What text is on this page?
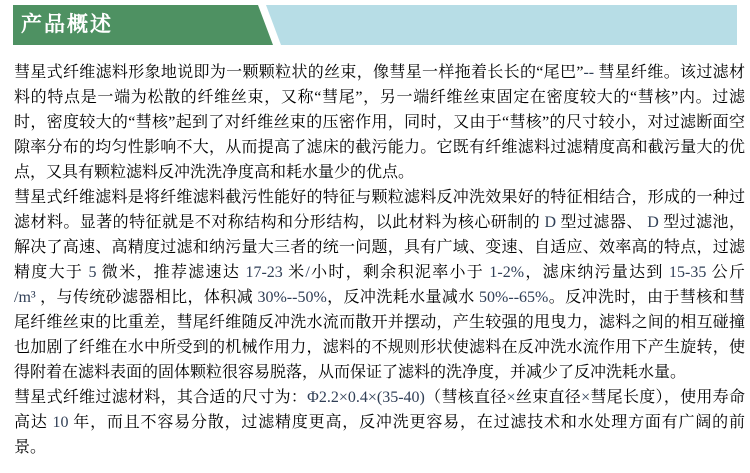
产品概述
彗星式纤维滤料形象地说即为一颗颗粒状的丝束，像彗星一样拖着长长的“尾巴”-- 彗星纤维。该过滤材
料的特点是一端为松散的纤维丝束，又称“彗尾”，另一端纤维丝束固定在密度较大的“彗核”内。过滤
时，密度较大的“彗核”起到了对纤维丝束的压密作用，同时，又由于“彗核”的尺寸较小，对过滤断面空
隙率分布的均匀性影响不大，从而提高了滤床的截污能力。它既有纤维滤料过滤精度高和截污量大的优
点，又具有颗粒滤料反冲洗洗净度高和耗水量少的优点。
彗星式纤维滤料是将纤维滤料截污性能好的特征与颗粒滤料反冲洗效果好的特征相结合，形成的一种过
滤材料。显著的特征就是不对称结构和分形结构，以此材料为核心研制的 D 型过滤器、 D 型过滤池，
解决了高速、高精度过滤和纳污量大三者的统一问题，具有广域、变速、自适应、效率高的特点，过滤
精度大于 5 微米，推荐滤速达 17-23 米/小时，剩余积泥率小于 1-2%，滤床纳污量达到 15-35 公斤
/m³ ，与传统砂滤器相比，体积减 30%--50%，反冲洗耗水量减水 50%--65%。反冲洗时，由于彗核和彗
尾纤维丝束的比重差，彗尾纤维随反冲洗水流而散开并摆动，产生较强的甩曳力，滤料之间的相互碰撞
也加剧了纤维在水中所受到的机械作用力，滤料的不规则形状使滤料在反冲洗水流作用下产生旋转，使
得附着在滤料表面的固体颗粒很容易脱落，从而保证了滤料的洗净度，并减少了反冲洗耗水量。
彗星式纤维过滤材料，其合适的尺寸为：Φ2.2×0.4×(35-40)（彗核直径×丝束直径×彗尾长度），使用寿命
高达 10 年，而且不容易分散，过滤精度更高，反冲洗更容易，在过滤技术和水处理方面有广阔的前
景。
